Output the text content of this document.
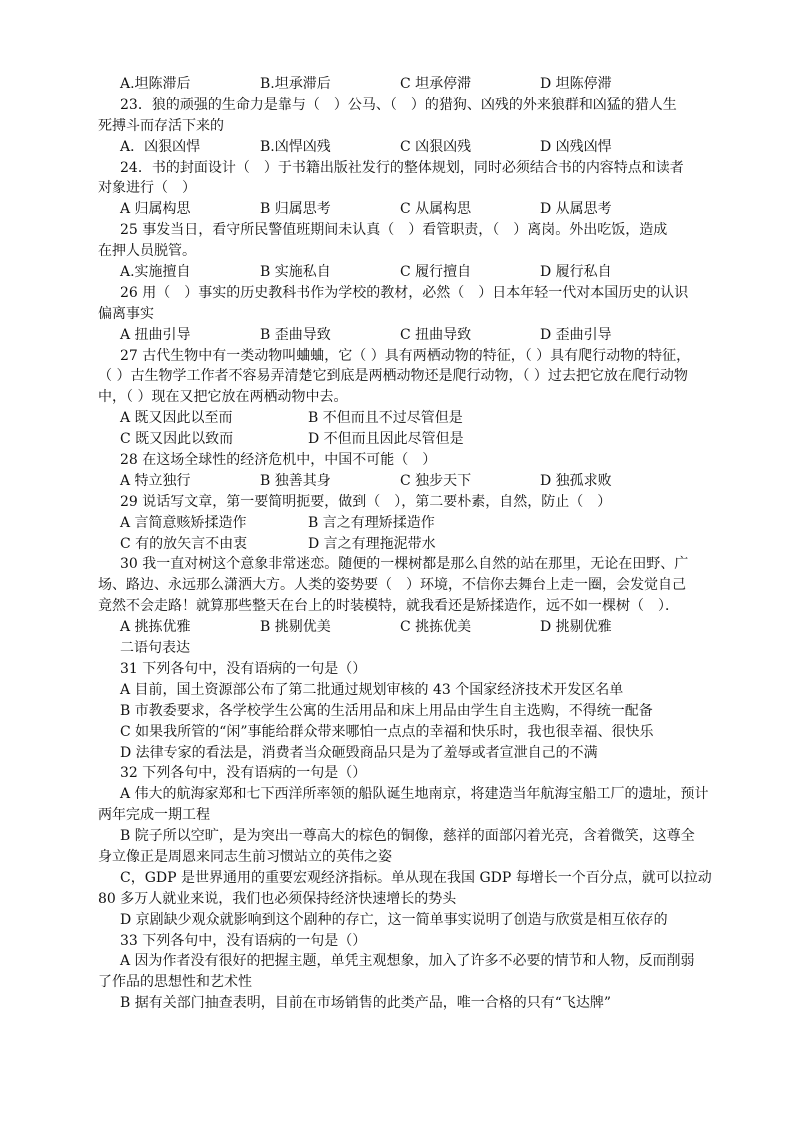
A.坦陈滞后	B.坦承滞后	C 坦承停滞	D 坦陈停滞
23．狼的顽强的生命力是靠与（　）公马、（　）的猎狗、凶残的外来狼群和凶猛的猎人生
死搏斗而存活下来的
A．凶狠凶悍	B.凶悍凶残	C 凶狠凶残	D 凶残凶悍
24．书的封面设计（　）于书籍出版社发行的整体规划，同时必须结合书的内容特点和读者
对象进行（　）
A 归属构思	B 归属思考	C 从属构思	D 从属思考
25 事发当日，看守所民警值班期间未认真（　）看管职责，（　）离岗。外出吃饭，造成
在押人员脱管。
A.实施擅自	B 实施私自	C 履行擅自	D 履行私自
26 用（　）事实的历史教科书作为学校的教材，必然（　）日本年轻一代对本国历史的认识
偏离事实
A 扭曲引导	B 歪曲导致	C 扭曲导致	D 歪曲引导
27 古代生物中有一类动物叫蛐蛐，它（ ）具有两栖动物的特征，（ ）具有爬行动物的特征，
（ ）古生物学工作者不容易弄清楚它到底是两栖动物还是爬行动物，（ ）过去把它放在爬行动物
中，（ ）现在又把它放在两栖动物中去。
A 既又因此以至而	B 不但而且不过尽管但是
C 既又因此以致而	D 不但而且因此尽管但是
28 在这场全球性的经济危机中，中国不可能（　）
A 特立独行	B 独善其身	C 独步天下	D 独孤求败
29 说话写文章，第一要简明扼要，做到（　），第二要朴素，自然，防止（　）
A 言简意赅矫揉造作	B 言之有理矫揉造作
C 有的放矢言不由衷	D 言之有理拖泥带水
30 我一直对树这个意象非常迷恋。随便的一棵树都是那么自然的站在那里，无论在田野、广
场、路边、永远那么潇洒大方。人类的姿势要（　）环境，不信你去舞台上走一圈，会发觉自己
竟然不会走路！就算那些整天在台上的时装模特，就我看还是矫揉造作，远不如一棵树（　）．
A 挑拣优雅	B 挑剔优美	C 挑拣优美	D 挑剔优雅
二语句表达
31 下列各句中，没有语病的一句是（）
A 目前，国土资源部公布了第二批通过规划审核的 43 个国家经济技术开发区名单
B 市教委要求，各学校学生公寓的生活用品和床上用品由学生自主选购，不得统一配备
C 如果我所管的“闲”事能给群众带来哪怕一点点的幸福和快乐时，我也很幸福、很快乐
D 法律专家的看法是，消费者当众砸毁商品只是为了羞辱或者宣泄自己的不满
32 下列各句中，没有语病的一句是（）
A 伟大的航海家郑和七下西洋所率领的船队诞生地南京，将建造当年航海宝船工厂的遗址，预计
两年完成一期工程
B 院子所以空旷，是为突出一尊高大的棕色的铜像，慈祥的面部闪着光亮，含着微笑，这尊全
身立像正是周恩来同志生前习惯站立的英伟之姿
C，GDP 是世界通用的重要宏观经济指标。单从现在我国 GDP 每增长一个百分点，就可以拉动
80 多万人就业来说，我们也必须保持经济快速增长的势头
D 京剧缺少观众就影响到这个剧种的存亡，这一简单事实说明了创造与欣赏是相互依存的
33 下列各句中，没有语病的一句是（）
A 因为作者没有很好的把握主题，单凭主观想象，加入了许多不必要的情节和人物，反而削弱
了作品的思想性和艺术性
B 据有关部门抽查表明，目前在市场销售的此类产品，唯一合格的只有“飞达牌”
